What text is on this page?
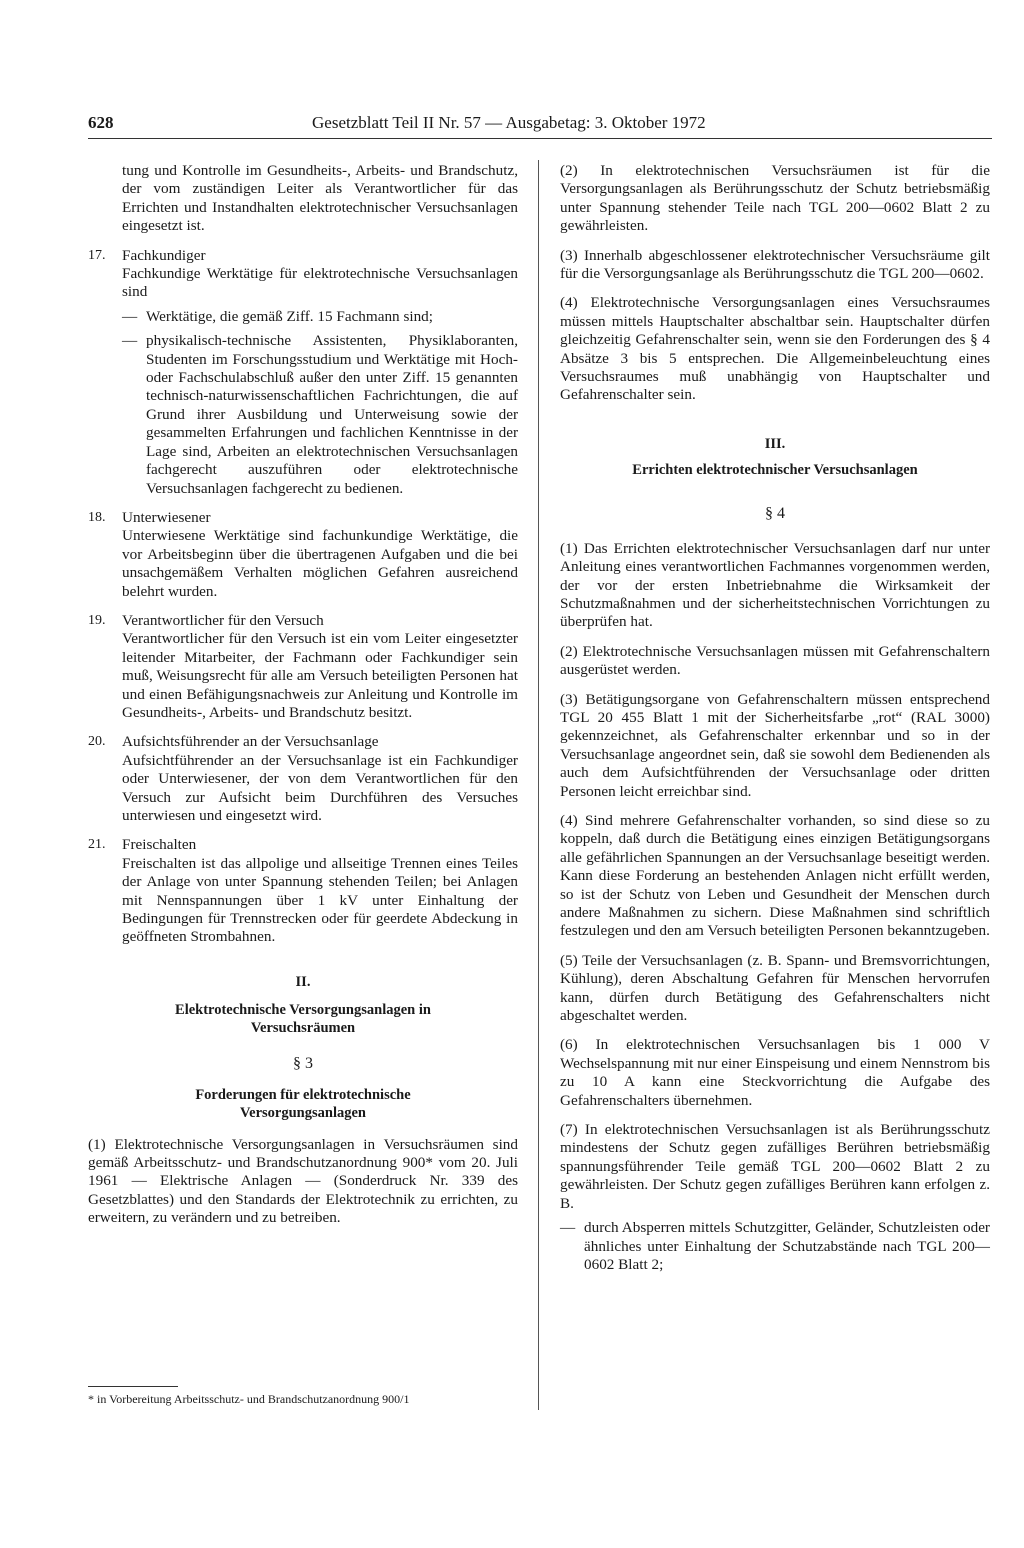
628	Gesetzblatt Teil II Nr. 57 — Ausgabetag: 3. Oktober 1972

tung und Kontrolle im Gesundheits-, Arbeits- und Brandschutz, der vom zuständigen Leiter als Verantwortlicher für das Errichten und Instandhalten elektrotechnischer Versuchsanlagen eingesetzt ist.

17.	Fachkundiger

Fachkundige Werktätige für elektrotechnische Versuchsanlagen sind

— Werktätige, die gemäß Ziff. 15 Fachmann sind;
— physikalisch-technische Assistenten, Physiklaboranten, Studenten im Forschungsstudium und Werktätige mit Hoch- oder Fachschulabschluß außer den unter Ziff. 15 genannten technisch-naturwissenschaftlichen Fachrichtungen, die auf Grund ihrer Ausbildung und Unterweisung sowie der gesammelten Erfahrungen und fachlichen Kenntnisse in der Lage sind, Arbeiten an elektrotechnischen Versuchsanlagen fachgerecht auszuführen oder elektrotechnische Versuchsanlagen fachgerecht zu bedienen.
18.	Unterwiesener

Unterwiesene Werktätige sind fachunkundige Werktätige, die vor Arbeitsbeginn über die übertragenen Aufgaben und die bei unsachgemäßem Verhalten möglichen Gefahren ausreichend belehrt wurden.

19.	Verantwortlicher für den Versuch

Verantwortlicher für den Versuch ist ein vom Leiter eingesetzter leitender Mitarbeiter, der Fachmann oder Fachkundiger sein muß, Weisungsrecht für alle am Versuch beteiligten Personen hat und einen Befähigungsnachweis zur Anleitung und Kontrolle im Gesundheits-, Arbeits- und Brandschutz besitzt.

20.	Aufsichtsführender an der Versuchsanlage

Aufsichtführender an der Versuchsanlage ist ein Fachkundiger oder Unterwiesener, der von dem Verantwortlichen für den Versuch zur Aufsicht beim Durchführen des Versuches unterwiesen und eingesetzt wird.

21.	Freischalten

Freischalten ist das allpolige und allseitige Trennen eines Teiles der Anlage von unter Spannung stehenden Teilen; bei Anlagen mit Nennspannungen über 1 kV unter Einhaltung der Bedingungen für Trennstrecken oder für geerdete Abdeckung in geöffneten Strombahnen.

II.

Elektrotechnische Versorgungsanlagen in Versuchsräumen

§ 3

Forderungen für elektrotechnische Versorgungsanlagen

(1) Elektrotechnische Versorgungsanlagen in Versuchsräumen sind gemäß Arbeitsschutz- und Brandschutzanordnung 900* vom 20. Juli 1961 — Elektrische Anlagen — (Sonderdruck Nr. 339 des Gesetzblattes) und den Standards der Elektrotechnik zu errichten, zu erweitern, zu verändern und zu betreiben.

* in Vorbereitung Arbeitsschutz- und Brandschutzanordnung 900/1

(2) In elektrotechnischen Versuchsräumen ist für die Versorgungsanlagen als Berührungsschutz der Schutz betriebsmäßig unter Spannung stehender Teile nach TGL 200—0602 Blatt 2 zu gewährleisten.

(3) Innerhalb abgeschlossener elektrotechnischer Versuchsräume gilt für die Versorgungsanlage als Berührungsschutz die TGL 200—0602.

(4) Elektrotechnische Versorgungsanlagen eines Versuchsraumes müssen mittels Hauptschalter abschaltbar sein. Hauptschalter dürfen gleichzeitig Gefahrenschalter sein, wenn sie den Forderungen des § 4 Absätze 3 bis 5 entsprechen. Die Allgemeinbeleuchtung eines Versuchsraumes muß unabhängig von Hauptschalter und Gefahrenschalter sein.

III.

Errichten elektrotechnischer Versuchsanlagen

§ 4

(1) Das Errichten elektrotechnischer Versuchsanlagen darf nur unter Anleitung eines verantwortlichen Fachmannes vorgenommen werden, der vor der ersten Inbetriebnahme die Wirksamkeit der Schutzmaßnahmen und der sicherheitstechnischen Vorrichtungen zu überprüfen hat.

(2) Elektrotechnische Versuchsanlagen müssen mit Gefahrenschaltern ausgerüstet werden.

(3) Betätigungsorgane von Gefahrenschaltern müssen entsprechend TGL 20 455 Blatt 1 mit der Sicherheitsfarbe „rot“ (RAL 3000) gekennzeichnet, als Gefahrenschalter erkennbar und so in der Versuchsanlage angeordnet sein, daß sie sowohl dem Bedienenden als auch dem Aufsichtführenden der Versuchsanlage oder dritten Personen leicht erreichbar sind.

(4) Sind mehrere Gefahrenschalter vorhanden, so sind diese so zu koppeln, daß durch die Betätigung eines einzigen Betätigungsorgans alle gefährlichen Spannungen an der Versuchsanlage beseitigt werden. Kann diese Forderung an bestehenden Anlagen nicht erfüllt werden, so ist der Schutz von Leben und Gesundheit der Menschen durch andere Maßnahmen zu sichern. Diese Maßnahmen sind schriftlich festzulegen und den am Versuch beteiligten Personen bekanntzugeben.

(5) Teile der Versuchsanlagen (z. B. Spann- und Bremsvorrichtungen, Kühlung), deren Abschaltung Gefahren für Menschen hervorrufen kann, dürfen durch Betätigung des Gefahrenschalters nicht abgeschaltet werden.

(6) In elektrotechnischen Versuchsanlagen bis 1 000 V Wechselspannung mit nur einer Einspeisung und einem Nennstrom bis zu 10 A kann eine Steckvorrichtung die Aufgabe des Gefahrenschalters übernehmen.

(7) In elektrotechnischen Versuchsanlagen ist als Berührungsschutz mindestens der Schutz gegen zufälliges Berühren betriebsmäßig spannungsführender Teile gemäß TGL 200—0602 Blatt 2 zu gewährleisten. Der Schutz gegen zufälliges Berühren kann erfolgen z. B.

— durch Absperren mittels Schutzgitter, Geländer, Schutzleisten oder ähnliches unter Einhaltung der Schutzabstände nach TGL 200—0602 Blatt 2;
